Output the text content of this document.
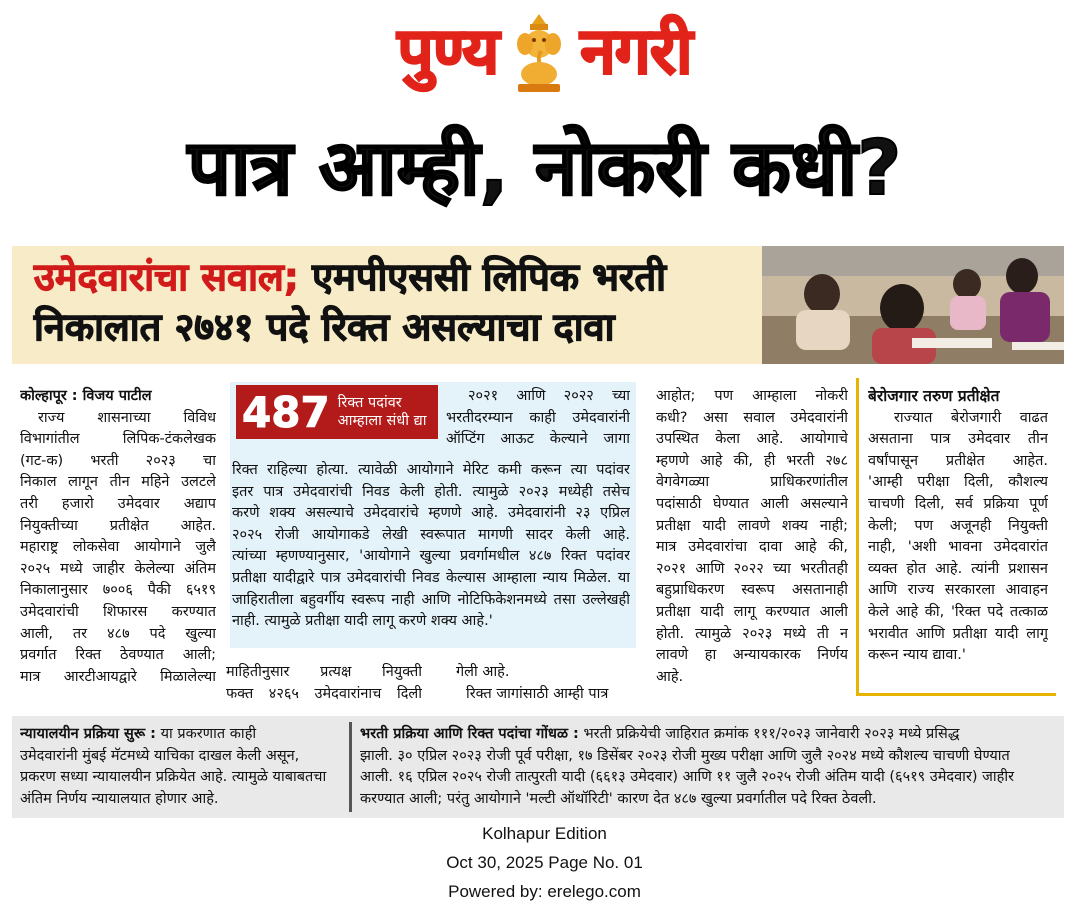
पुण्य नगरी
पात्र आम्ही, नोकरी कधी?
उमेदवारांचा सवाल; एमपीएससी लिपिक भरती
निकालात २७४१ पदे रिक्त असल्याचा दावा

कोल्हापूर : विजय पाटील

राज्य शासनाच्या विविध

विभागांतील लिपिक-टंकलेखक

(गट-क) भरती २०२३ चा

निकाल लागून तीन महिने उलटले

तरी हजारो उमेदवार अद्याप

नियुक्तीच्या प्रतीक्षेत आहेत.

महाराष्ट्र लोकसेवा आयोगाने जुलै

२०२५ मध्ये जाहीर केलेल्या अंतिम

निकालानुसार ७००६ पैकी ६५१९

उमेदवारांची शिफारस करण्यात

आली, तर ४८७ पदे खुल्या

प्रवर्गात रिक्त ठेवण्यात आली;

मात्र आरटीआयद्वारे मिळालेल्या

487 रिक्त पदांवर
आम्हाला संधी द्या

२०२१ आणि २०२२ च्या

भरतीदरम्यान काही उमेदवारांनी

ऑप्टिंग आऊट केल्याने जागा

रिक्त राहिल्या होत्या. त्यावेळी आयोगाने मेरिट कमी करून त्या पदांवर

इतर पात्र उमेदवारांची निवड केली होती. त्यामुळे २०२३ मध्येही तसेच

करणे शक्य असल्याचे उमेदवारांचे म्हणणे आहे. उमेदवारांनी २३ एप्रिल

२०२५ रोजी आयोगाकडे लेखी स्वरूपात मागणी सादर केली आहे.

त्यांच्या म्हणण्यानुसार, 'आयोगाने खुल्या प्रवर्गामधील ४८७ रिक्त पदांवर

प्रतीक्षा यादीद्वारे पात्र उमेदवारांची निवड केल्यास आम्हाला न्याय मिळेल. या

जाहिरातीला बहुवर्गीय स्वरूप नाही आणि नोटिफिकेशनमध्ये तसा उल्लेखही

नाही. त्यामुळे प्रतीक्षा यादी लागू करणे शक्य आहे.'

माहितीनुसार प्रत्यक्ष नियुक्ती

फक्त ४२६५ उमेदवारांनाच दिली

गेली आहे.

रिक्त जागांसाठी आम्ही पात्र

आहोत; पण आम्हाला नोकरी

कधी? असा सवाल उमेदवारांनी

उपस्थित केला आहे. आयोगाचे

म्हणणे आहे की, ही भरती २७८

वेगवेगळ्या प्राधिकरणांतील

पदांसाठी घेण्यात आली असल्याने

प्रतीक्षा यादी लावणे शक्य नाही;

मात्र उमेदवारांचा दावा आहे की,

२०२१ आणि २०२२ च्या भरतीतही

बहुप्राधिकरण स्वरूप असतानाही

प्रतीक्षा यादी लागू करण्यात आली

होती. त्यामुळे २०२३ मध्ये ती न

लावणे हा अन्यायकारक निर्णय

आहे.

बेरोजगार तरुण प्रतीक्षेत

राज्यात बेरोजगारी वाढत

असताना पात्र उमेदवार तीन

वर्षांपासून प्रतीक्षेत आहेत.

'आम्ही परीक्षा दिली, कौशल्य

चाचणी दिली, सर्व प्रक्रिया पूर्ण

केली; पण अजूनही नियुक्ती

नाही, 'अशी भावना उमेदवारांत

व्यक्त होत आहे. त्यांनी प्रशासन

आणि राज्य सरकारला आवाहन

केले आहे की, 'रिक्त पदे तत्काळ

भरावीत आणि प्रतीक्षा यादी लागू

करून न्याय द्यावा.'

न्यायालयीन प्रक्रिया सुरू : या प्रकरणात काही

उमेदवारांनी मुंबई मॅटमध्ये याचिका दाखल केली असून,

प्रकरण सध्या न्यायालयीन प्रक्रियेत आहे. त्यामुळे याबाबतचा

अंतिम निर्णय न्यायालयात होणार आहे.

भरती प्रक्रिया आणि रिक्त पदांचा गोंधळ : भरती प्रक्रियेची जाहिरात क्रमांक १११/२०२३ जानेवारी २०२३ मध्ये प्रसिद्ध

झाली. ३० एप्रिल २०२३ रोजी पूर्व परीक्षा, १७ डिसेंबर २०२३ रोजी मुख्य परीक्षा आणि जुलै २०२४ मध्ये कौशल्य चाचणी घेण्यात

आली. १६ एप्रिल २०२५ रोजी तात्पुरती यादी (६६१३ उमेदवार) आणि ११ जुलै २०२५ रोजी अंतिम यादी (६५१९ उमेदवार) जाहीर

करण्यात आली; परंतु आयोगाने 'मल्टी ऑथॉरिटी' कारण देत ४८७ खुल्या प्रवर्गातील पदे रिक्त ठेवली.

Kolhapur Edition
Oct 30, 2025 Page No. 01
Powered by: erelego.com
